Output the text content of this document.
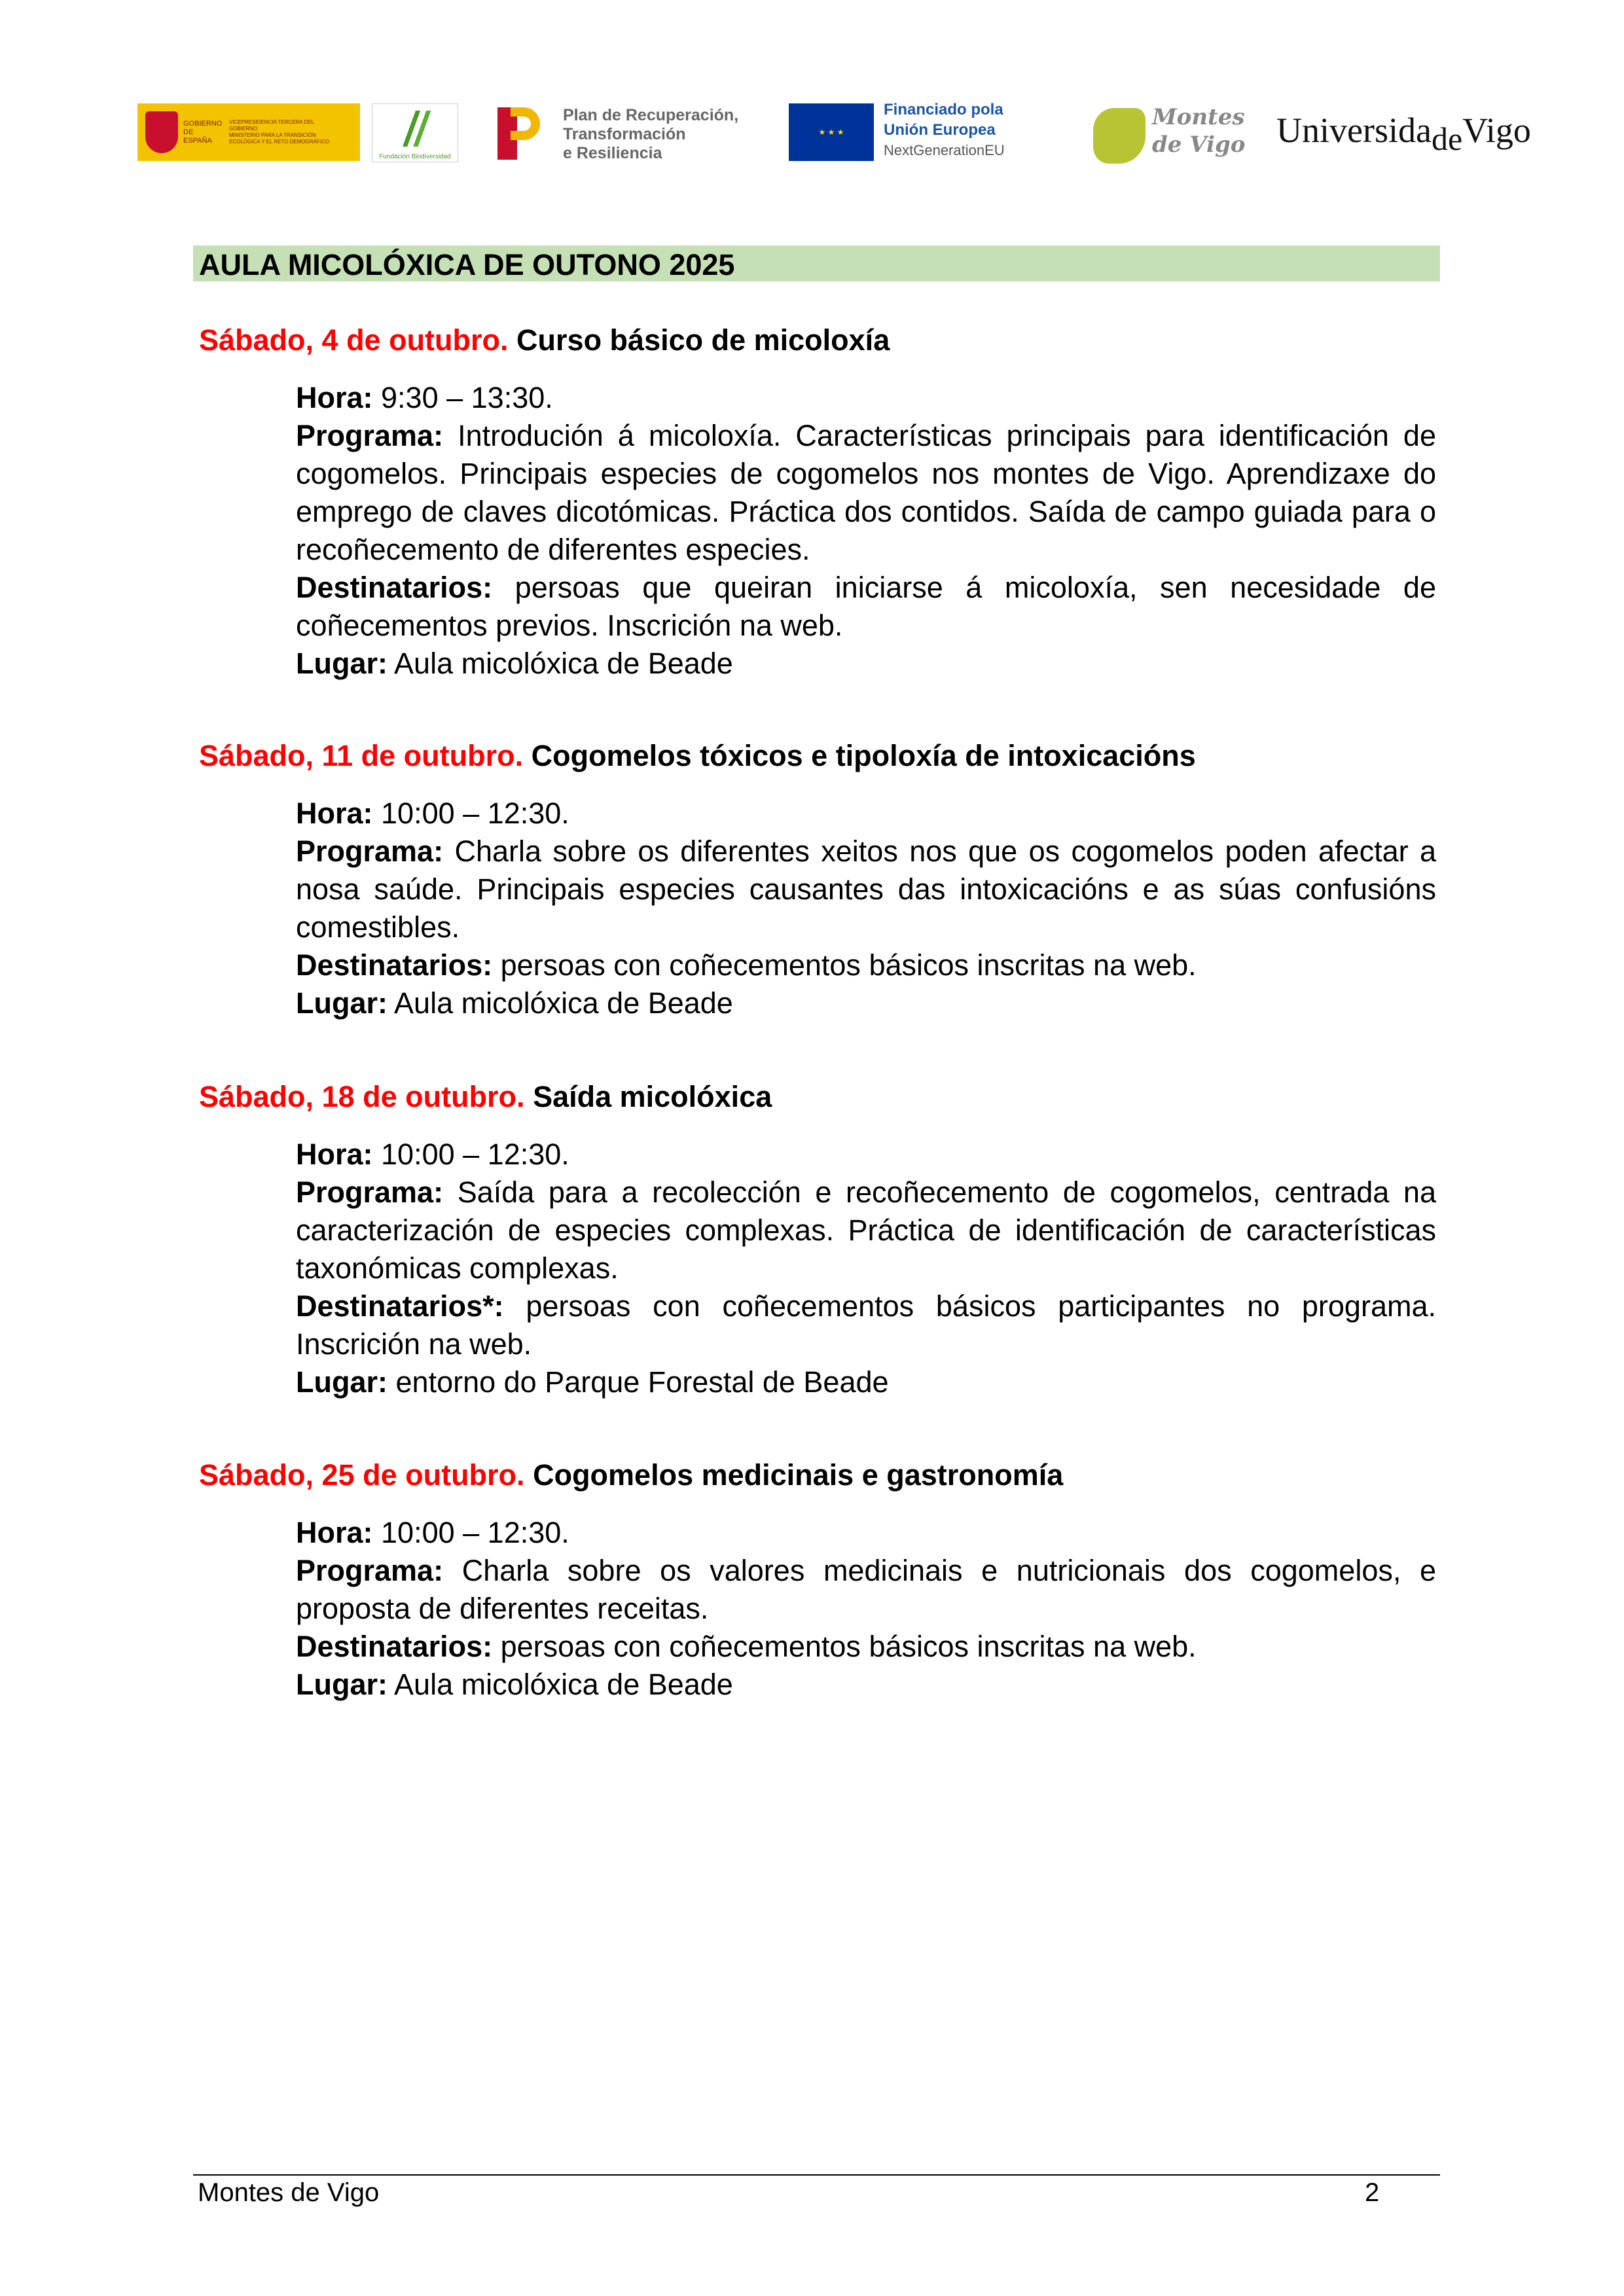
GOBIERNO DE ESPAÑA
VICEPRESIDENCIA TERCERA DEL GOBIERNO
MINISTERIO PARA LA TRANSICIÓN ECOLÓGICA Y EL RETO DEMOGRÁFICO
Fundación Biodiversidad
Plan de Recuperación,
Transformación
e Resiliencia
★ ★ ★

Financiado pola
Unión Europea
NextGenerationEU
Montes
de Vigo Universida$_{de}$Vigo
AULA MICOLÓXICA DE OUTONO 2025
Sábado, 4 de outubro. Curso básico de micoloxía

Hora: 9:30 – 13:30.

Programa: Introdución á micoloxía. Características principais para identificación de cogomelos. Principais especies de cogomelos nos montes de Vigo. Aprendizaxe do emprego de claves dicotómicas. Práctica dos contidos. Saída de campo guiada para o recoñecemento de diferentes especies.

Destinatarios: persoas que queiran iniciarse á micoloxía, sen necesidade de coñecementos previos. Inscrición na web.

Lugar: Aula micolóxica de Beade

Sábado, 11 de outubro. Cogomelos tóxicos e tipoloxía de intoxicacións

Hora: 10:00 – 12:30.

Programa: Charla sobre os diferentes xeitos nos que os cogomelos poden afectar a nosa saúde. Principais especies causantes das intoxicacións e as súas confusións comestibles.

Destinatarios: persoas con coñecementos básicos inscritas na web.

Lugar: Aula micolóxica de Beade

Sábado, 18 de outubro. Saída micolóxica

Hora: 10:00 – 12:30.

Programa: Saída para a recolección e recoñecemento de cogomelos, centrada na caracterización de especies complexas. Práctica de identificación de características taxonómicas complexas.

Destinatarios*: persoas con coñecementos básicos participantes no programa. Inscrición na web.

Lugar: entorno do Parque Forestal de Beade

Sábado, 25 de outubro. Cogomelos medicinais e gastronomía

Hora: 10:00 – 12:30.

Programa: Charla sobre os valores medicinais e nutricionais dos cogomelos, e proposta de diferentes receitas.

Destinatarios: persoas con coñecementos básicos inscritas na web.

Lugar: Aula micolóxica de Beade

Montes de Vigo	2
